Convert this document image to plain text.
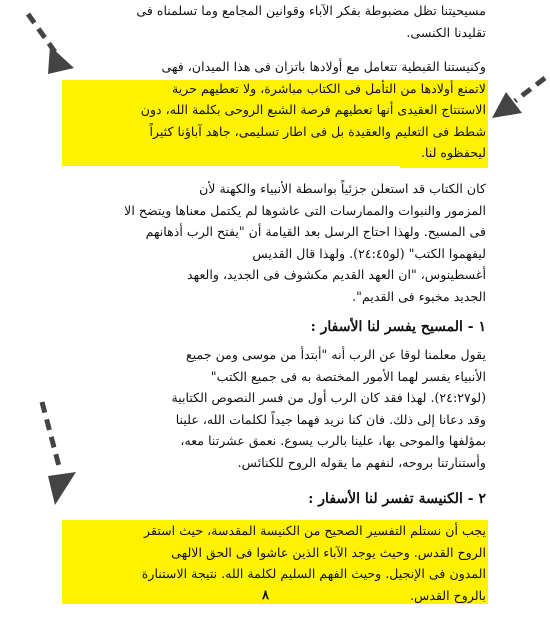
مسيحيتنا تظل مضبوطة بفكر الآباء وقوانين المجامع وما تسلمناه فى
تقليدنا الكنسى.
وكنيستنا القبطية تتعامل مع أولادها باتزان فى هذا الميدان، فهى
لاتمنع أولادها من التأمل فى الكتاب مباشرة، ولا تعطيهم حرية
الاستنتاج العقيدى أنها تعطيهم فرصة الشبع الروحى بكلمة الله، دون
شطط فى التعليم والعقيدة بل فى اطار تسليمى، جاهد آباؤنا كثيراً
ليحفظوه لنا.
كان الكتاب قد استعلن جزئياً بواسطة الأنبياء والكهنة لأن
المزمور والنبوات والممارسات التى عاشوها لم يكتمل معناها ويتضح الا
فى المسيح. ولهذا احتاج الرسل بعد القيامة أن "يفتح الرب أذهانهم
ليفهموا الكتب" (لو٢٤:٤٥). ولهذا قال القديس
أغسطينوس، "ان العهد القديم مكشوف فى الجديد، والعهد
الجديد مخبوء فى القديم".
١ - المسيح يفسر لنا الأسفار :
يقول معلمنا لوقا عن الرب أنه "أبتدأ من موسى ومن جميع
الأنبياء يفسر لهما الأمور المختصة به فى جميع الكتب"
(لو٢٤:٢٧). لهذا فقد كان الرب أول من فسر النصوص الكتابية
وقد دعانا إلى ذلك. فان كنا نريد فهما جيداً لكلمات الله، علينا
بمؤلفها والموحى بها، علينا بالرب يسوع. نعمق عشرتنا معه،
وأستنارتنا بروحه، لنفهم ما يقوله الروح للكنائس.
٢ - الكنيسة تفسر لنا الأسفار :
يجب أن نستلم التفسير الصحيح من الكنيسة المقدسة، حيث استقر
الروح القدس. وحيث يوجد الآباء الذين عاشوا فى الحق الالهى
المدون فى الإنجيل. وحيث الفهم السليم لكلمة الله. نتيجة الاستنارة
بالروح القدس.
٨
